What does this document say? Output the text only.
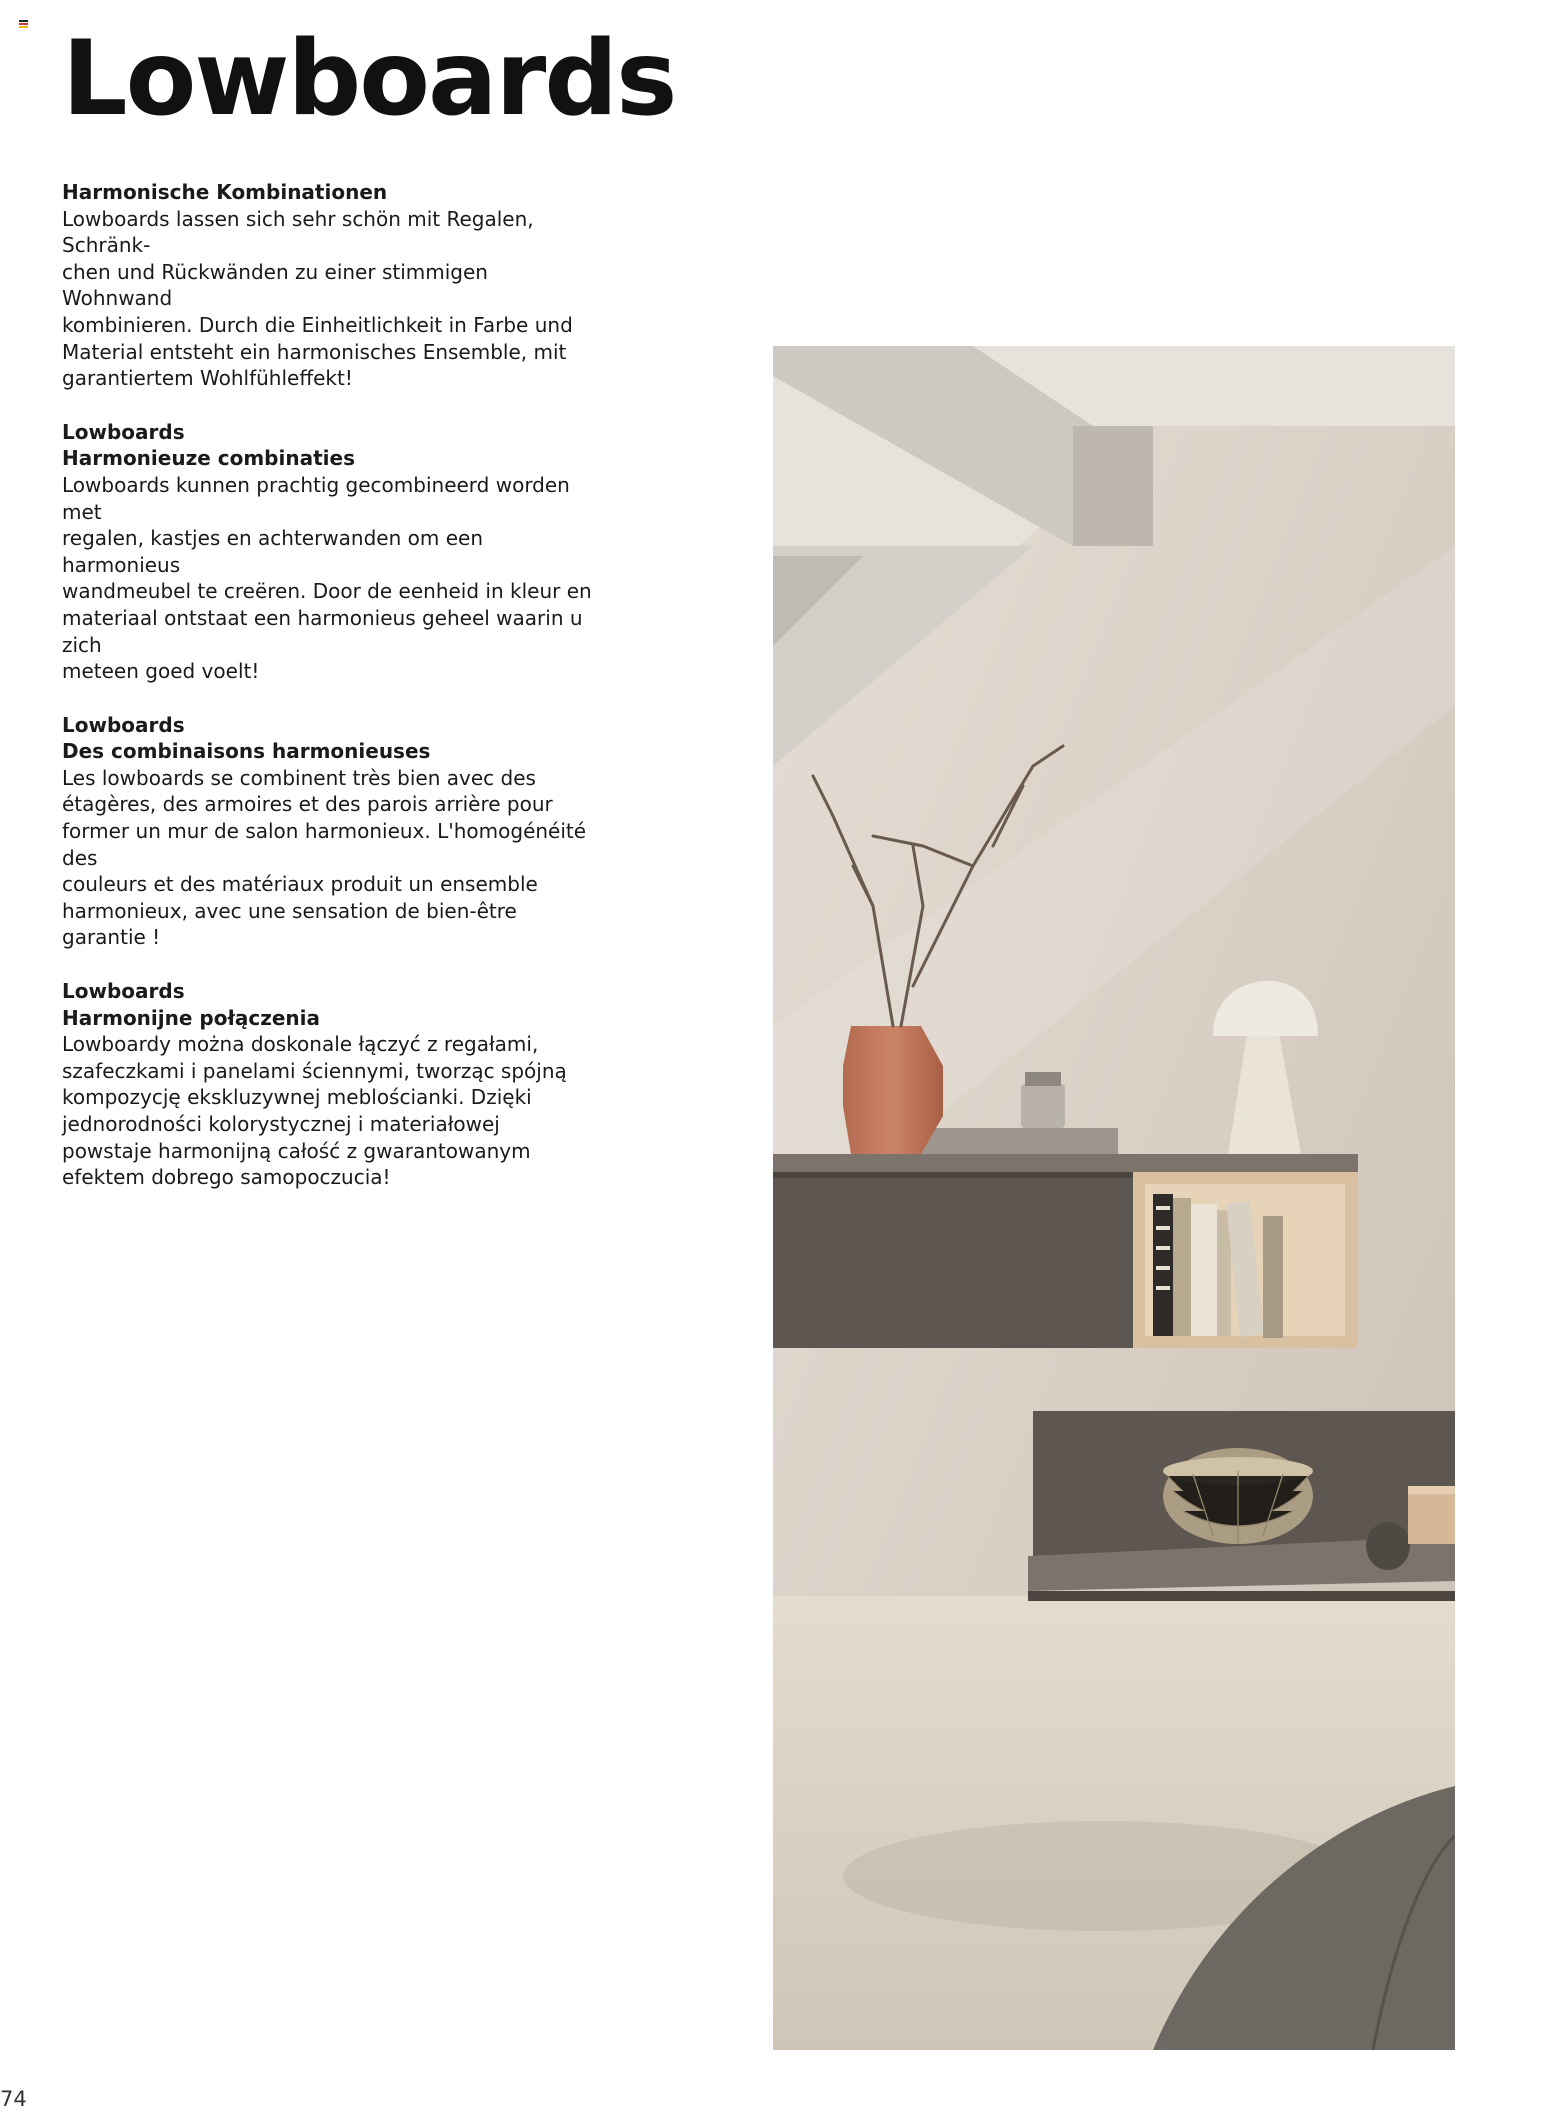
Lowboards
Harmonische Kombinationen
Lowboards lassen sich sehr schön mit Regalen, Schränk-
chen und Rückwänden zu einer stimmigen Wohnwand
kombinieren. Durch die Einheitlichkeit in Farbe und
Material entsteht ein harmonisches Ensemble, mit
garantiertem Wohlfühleffekt!
Lowboards
Harmonieuze combinaties
Lowboards kunnen prachtig gecombineerd worden met
regalen, kastjes en achterwanden om een harmonieus
wandmeubel te creëren. Door de eenheid in kleur en
materiaal ontstaat een harmonieus geheel waarin u zich
meteen goed voelt!
Lowboards
Des combinaisons harmonieuses
Les lowboards se combinent très bien avec des
étagères, des armoires et des parois arrière pour
former un mur de salon harmonieux. L'homogénéité des
couleurs et des matériaux produit un ensemble
harmonieux, avec une sensation de bien-être garantie !
Lowboards
Harmonijne połączenia
Lowboardy można doskonale łączyć z regałami,
szafeczkami i panelami ściennymi, tworząc spójną
kompozycję ekskluzywnej meblościanki. Dzięki
jednorodności kolorystycznej i materiałowej
powstaje harmonijną całość z gwarantowanym
efektem dobrego samopoczucia!
74
